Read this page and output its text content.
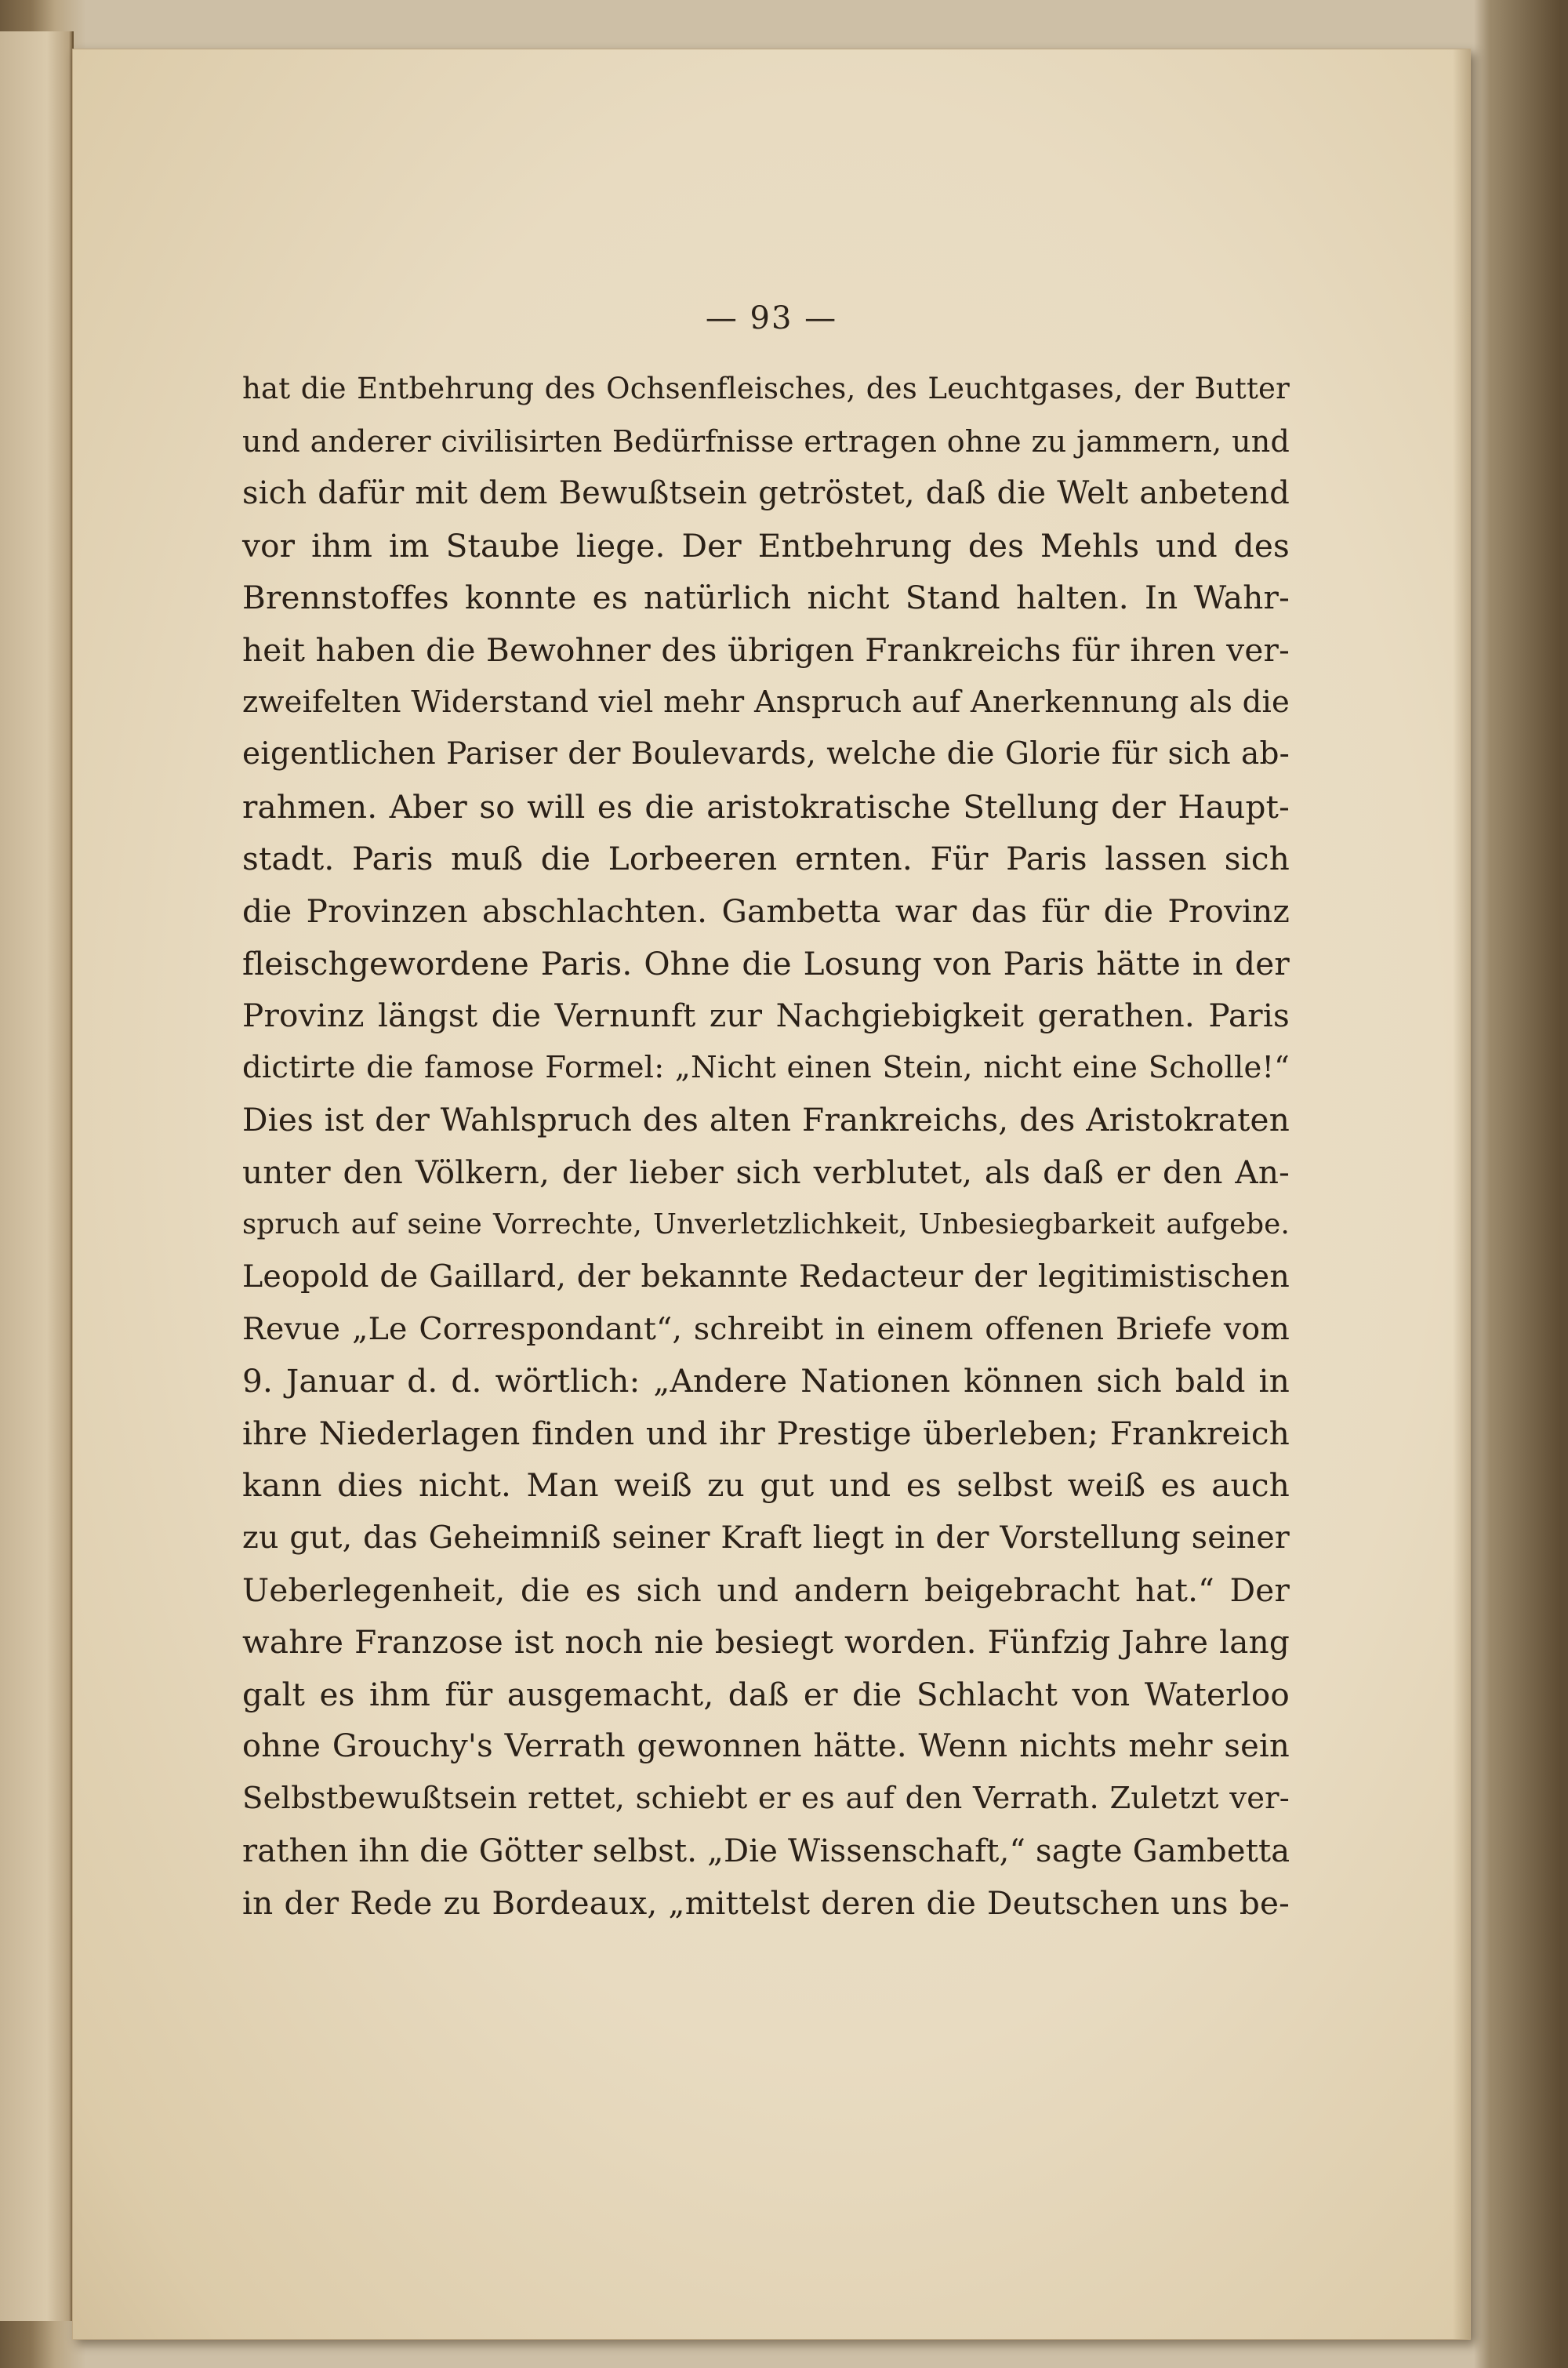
— 93 —
hat die Entbehrung des Ochsenfleisches, des Leuchtgases, der Butter
und anderer civilisirten Bedürfnisse ertragen ohne zu jammern, und
sich dafür mit dem Bewußtsein getröstet, daß die Welt anbetend
vor ihm im Staube liege. Der Entbehrung des Mehls und des
Brennstoffes konnte es natürlich nicht Stand halten. In Wahr-
heit haben die Bewohner des übrigen Frankreichs für ihren ver-
zweifelten Widerstand viel mehr Anspruch auf Anerkennung als die
eigentlichen Pariser der Boulevards, welche die Glorie für sich ab-
rahmen. Aber so will es die aristokratische Stellung der Haupt-
stadt. Paris muß die Lorbeeren ernten. Für Paris lassen sich
die Provinzen abschlachten. Gambetta war das für die Provinz
fleischgewordene Paris. Ohne die Losung von Paris hätte in der
Provinz längst die Vernunft zur Nachgiebigkeit gerathen. Paris
dictirte die famose Formel: „Nicht einen Stein, nicht eine Scholle!“
Dies ist der Wahlspruch des alten Frankreichs, des Aristokraten
unter den Völkern, der lieber sich verblutet, als daß er den An-
spruch auf seine Vorrechte, Unverletzlichkeit, Unbesiegbarkeit aufgebe.
Leopold de Gaillard, der bekannte Redacteur der legitimistischen
Revue „Le Correspondant“, schreibt in einem offenen Briefe vom
9. Januar d. d. wörtlich: „Andere Nationen können sich bald in
ihre Niederlagen finden und ihr Prestige überleben; Frankreich
kann dies nicht. Man weiß zu gut und es selbst weiß es auch
zu gut, das Geheimniß seiner Kraft liegt in der Vorstellung seiner
Ueberlegenheit, die es sich und andern beigebracht hat.“ Der
wahre Franzose ist noch nie besiegt worden. Fünfzig Jahre lang
galt es ihm für ausgemacht, daß er die Schlacht von Waterloo
ohne Grouchy's Verrath gewonnen hätte. Wenn nichts mehr sein
Selbstbewußtsein rettet, schiebt er es auf den Verrath. Zuletzt ver-
rathen ihn die Götter selbst. „Die Wissenschaft,“ sagte Gambetta
in der Rede zu Bordeaux, „mittelst deren die Deutschen uns be-
